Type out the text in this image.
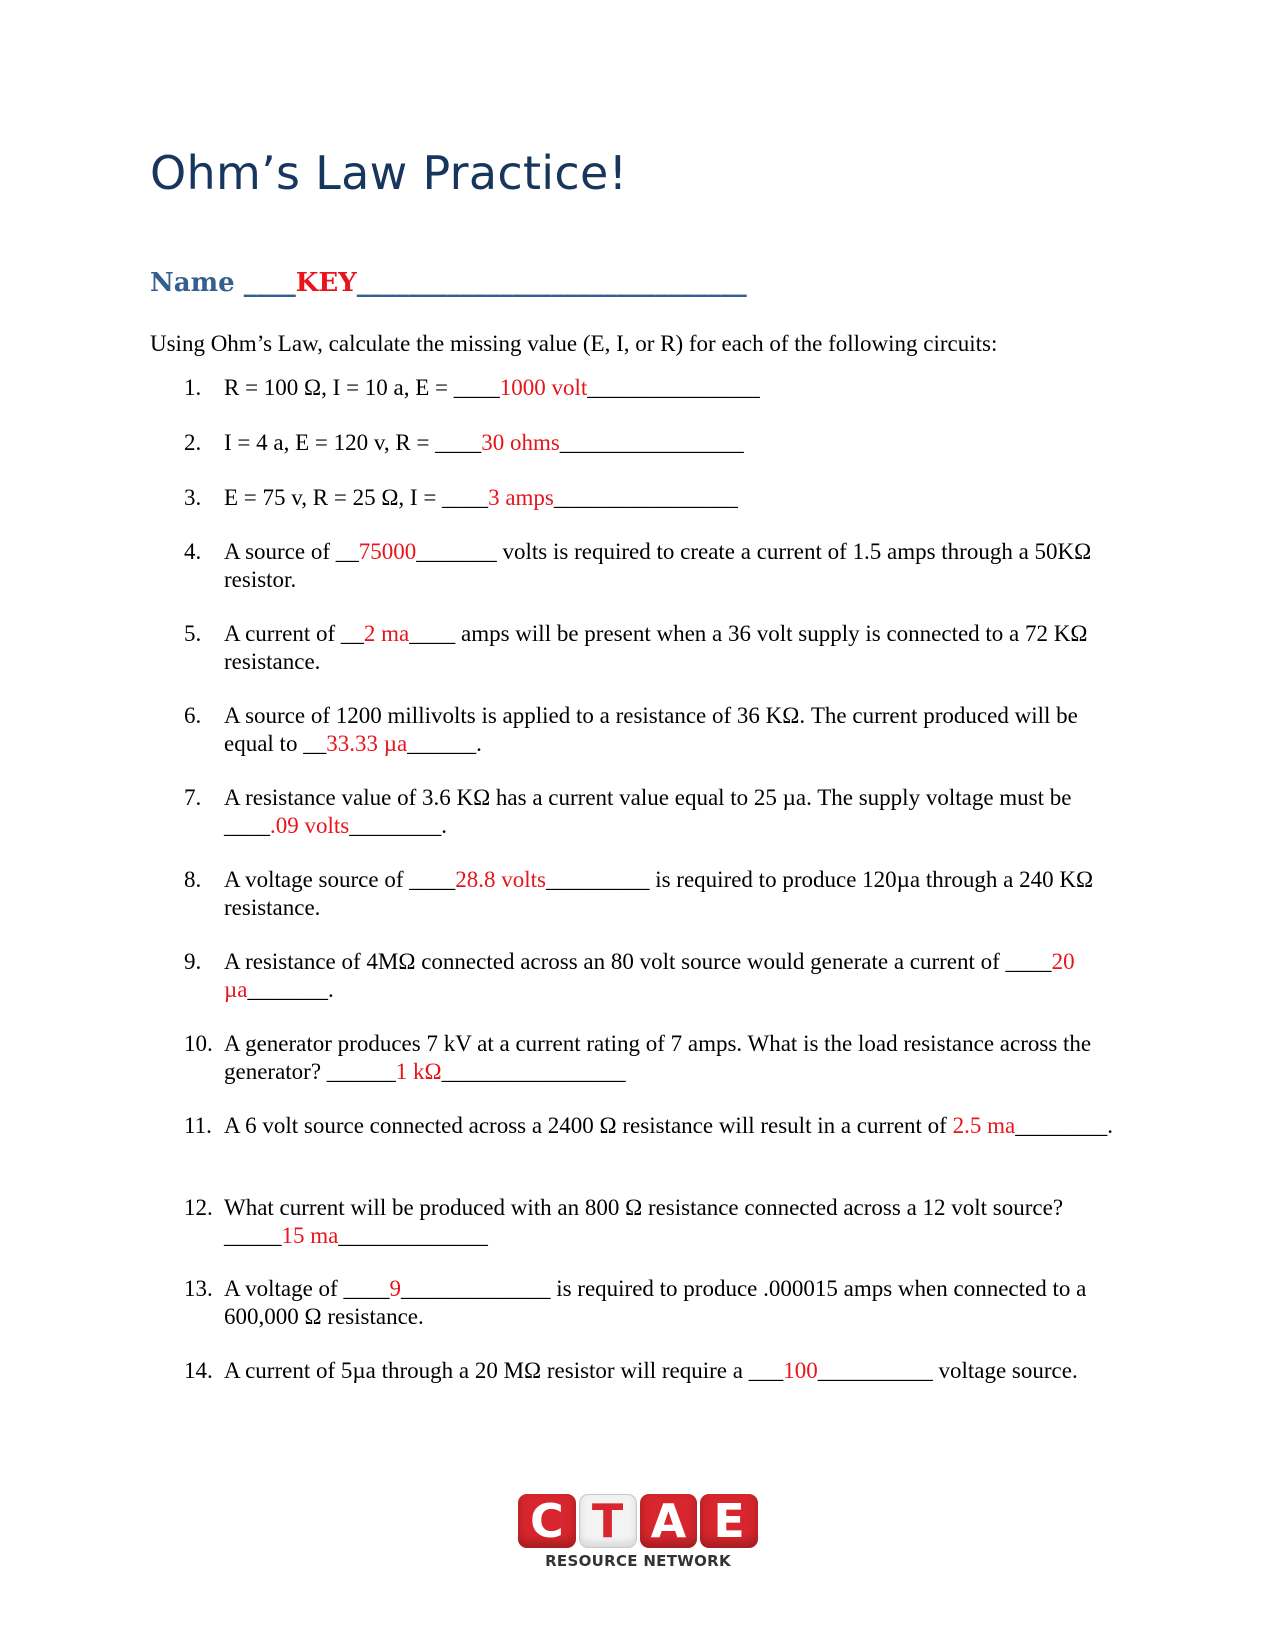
Ohm’s Law Practice!
Name ____KEY______________________________
Using Ohm’s Law, calculate the missing value (E, I, or R) for each of the following circuits:
1. R = 100 Ω, I = 10 a, E = ____1000 volt_______________
2. I = 4 a, E = 120 v, R = ____30 ohms________________
3. E = 75 v, R = 25 Ω, I = ____3 amps________________
4. A source of __75000_______ volts is required to create a current of 1.5 amps through a 50KΩ resistor.
5. A current of __2 ma____ amps will be present when a 36 volt supply is connected to a 72 KΩ resistance.
6. A source of 1200 millivolts is applied to a resistance of 36 KΩ. The current produced will be equal to __33.33 µa______.
7. A resistance value of 3.6 KΩ has a current value equal to 25 µa. The supply voltage must be ____.09 volts________.
8. A voltage source of ____28.8 volts_________ is required to produce 120µa through a 240 KΩ resistance.
9. A resistance of 4MΩ connected across an 80 volt source would generate a current of ____20 µa_______.
10. A generator produces 7 kV at a current rating of 7 amps. What is the load resistance across the generator? ______1 kΩ________________
11. A 6 volt source connected across a 2400 Ω resistance will result in a current of 2.5 ma________.
12. What current will be produced with an 800 Ω resistance connected across a 12 volt source? _____15 ma_____________
13. A voltage of ____9_____________ is required to produce .000015 amps when connected to a 600,000 Ω resistance.
14. A current of 5µa through a 20 MΩ resistor will require a ___100__________ voltage source.
C T A E
RESOURCE NETWORK
